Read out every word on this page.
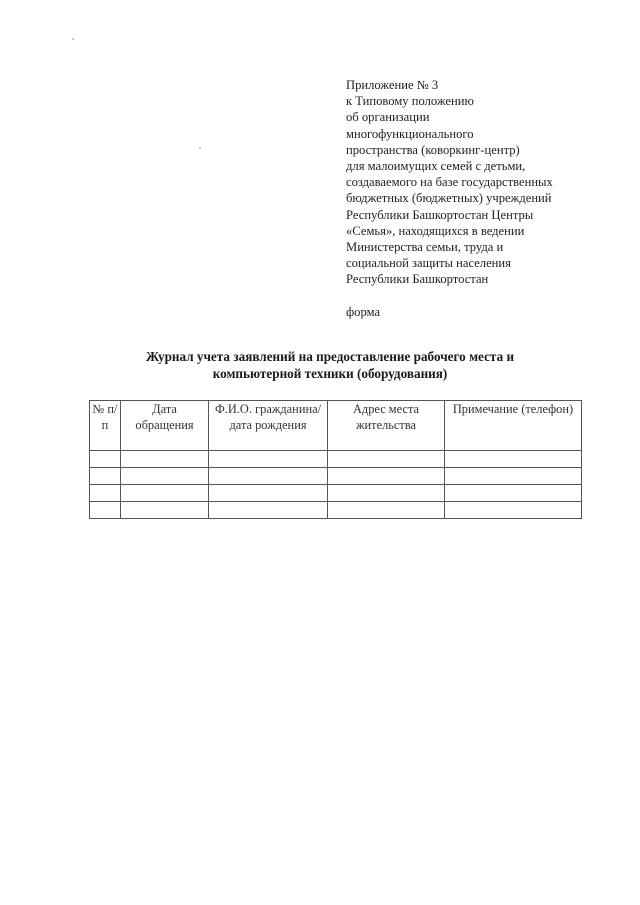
Приложение № 3
к Типовому положению
об организации
многофункционального
пространства (коворкинг-центр)
для малоимущих семей с детьми,
создаваемого на базе государственных
бюджетных (бюджетных) учреждений
Республики Башкортостан Центры
«Семья», находящихся в ведении
Министерства семьи, труда и
социальной защиты населения
Республики Башкортостан
форма
Журнал учета заявлений на предоставление рабочего места и
компьютерной техники (оборудования)
№ п/ п	Дата обращения	Ф.И.О. гражданина/ дата рождения	Адрес места жительства	Примечание (телефон)
